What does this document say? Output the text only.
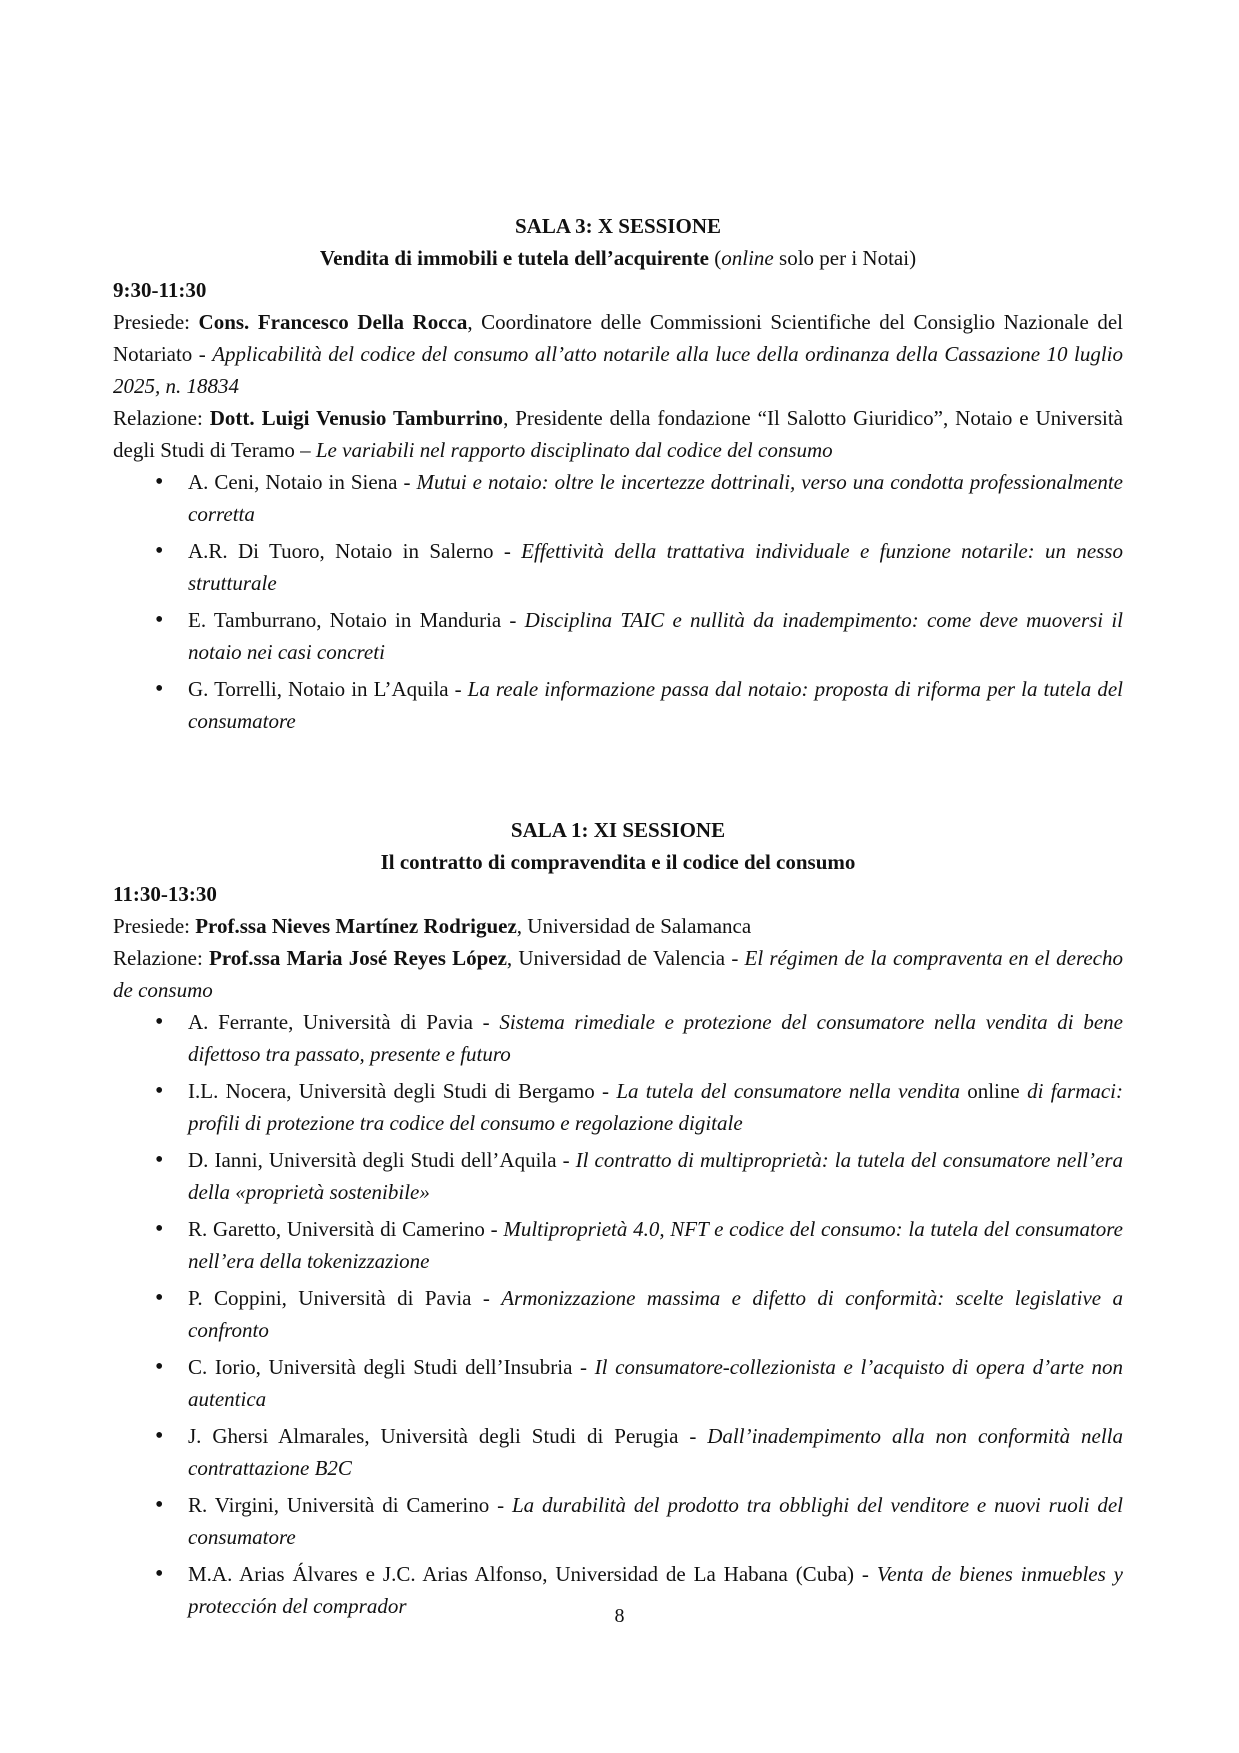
SALA 3: X SESSIONE
Vendita di immobili e tutela dell’acquirente (online solo per i Notai)
9:30-11:30

Presiede: Cons. Francesco Della Rocca, Coordinatore delle Commissioni Scientifiche del Consiglio Nazionale del Notariato - Applicabilità del codice del consumo all’atto notarile alla luce della ordinanza della Cassazione 10 luglio 2025, n. 18834

Relazione: Dott. Luigi Venusio Tamburrino, Presidente della fondazione “Il Salotto Giuridico”, Notaio e Università degli Studi di Teramo – Le variabili nel rapporto disciplinato dal codice del consumo

• A. Ceni, Notaio in Siena - Mutui e notaio: oltre le incertezze dottrinali, verso una condotta professionalmente corretta
• A.R. Di Tuoro, Notaio in Salerno - Effettività della trattativa individuale e funzione notarile: un nesso strutturale
• E. Tamburrano, Notaio in Manduria - Disciplina TAIC e nullità da inadempimento: come deve muoversi il notaio nei casi concreti
• G. Torrelli, Notaio in L’Aquila - La reale informazione passa dal notaio: proposta di riforma per la tutela del consumatore
SALA 1: XI SESSIONE
Il contratto di compravendita e il codice del consumo
11:30-13:30

Presiede: Prof.ssa Nieves Martínez Rodriguez, Universidad de Salamanca

Relazione: Prof.ssa Maria José Reyes López, Universidad de Valencia - El régimen de la compraventa en el derecho de consumo

• A. Ferrante, Università di Pavia - Sistema rimediale e protezione del consumatore nella vendita di bene difettoso tra passato, presente e futuro
• I.L. Nocera, Università degli Studi di Bergamo - La tutela del consumatore nella vendita online di farmaci: profili di protezione tra codice del consumo e regolazione digitale
• D. Ianni, Università degli Studi dell’Aquila - Il contratto di multiproprietà: la tutela del consumatore nell’era della «proprietà sostenibile»
• R. Garetto, Università di Camerino - Multiproprietà 4.0, NFT e codice del consumo: la tutela del consumatore nell’era della tokenizzazione
• P. Coppini, Università di Pavia - Armonizzazione massima e difetto di conformità: scelte legislative a confronto
• C. Iorio, Università degli Studi dell’Insubria - Il consumatore-collezionista e l’acquisto di opera d’arte non autentica
• J. Ghersi Almarales, Università degli Studi di Perugia - Dall’inadempimento alla non conformità nella contrattazione B2C
• R. Virgini, Università di Camerino - La durabilità del prodotto tra obblighi del venditore e nuovi ruoli del consumatore
• M.A. Arias Álvares e J.C. Arias Alfonso, Universidad de La Habana (Cuba) - Venta de bienes inmuebles y protección del comprador	8
